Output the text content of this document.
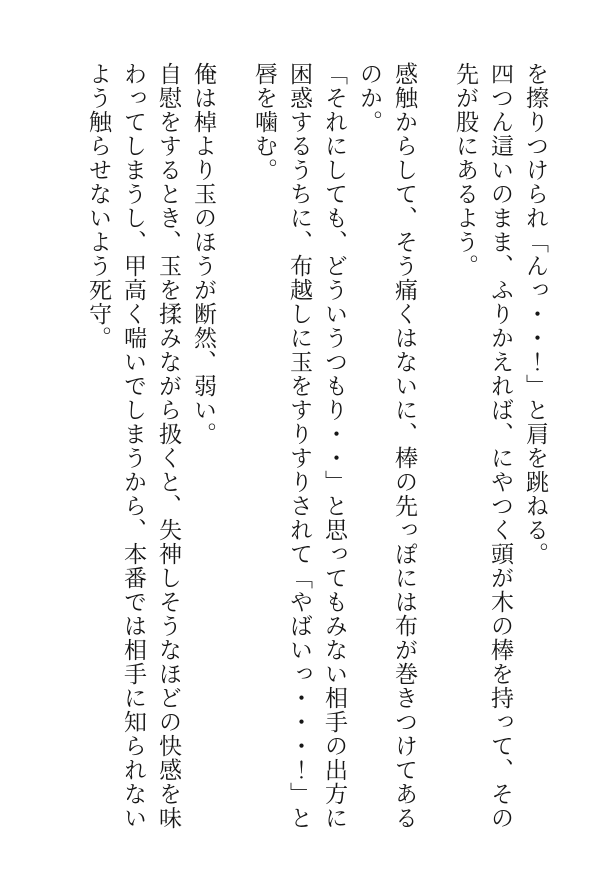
を擦りつけられ「んっ・・！」と肩を跳ねる。

四つん這いのまま、ふりかえれば、にやつく頭が木の棒を持って、その先が股にあるよう。

感触からして、そう痛くはないに、棒の先っぽには布が巻きつけてあるのか。

「それにしても、どういうつもり・・」と思ってもみない相手の出方に困惑するうちに、布越しに玉をすりすりされて「やばいっ・・・！」と唇を噛む。

俺は棹より玉のほうが断然、弱い。

自慰をするとき、玉を揉みながら扱くと、失神しそうなほどの快感を味わってしまうし、甲高く喘いでしまうから、本番では相手に知られないよう触らせないよう死守。
